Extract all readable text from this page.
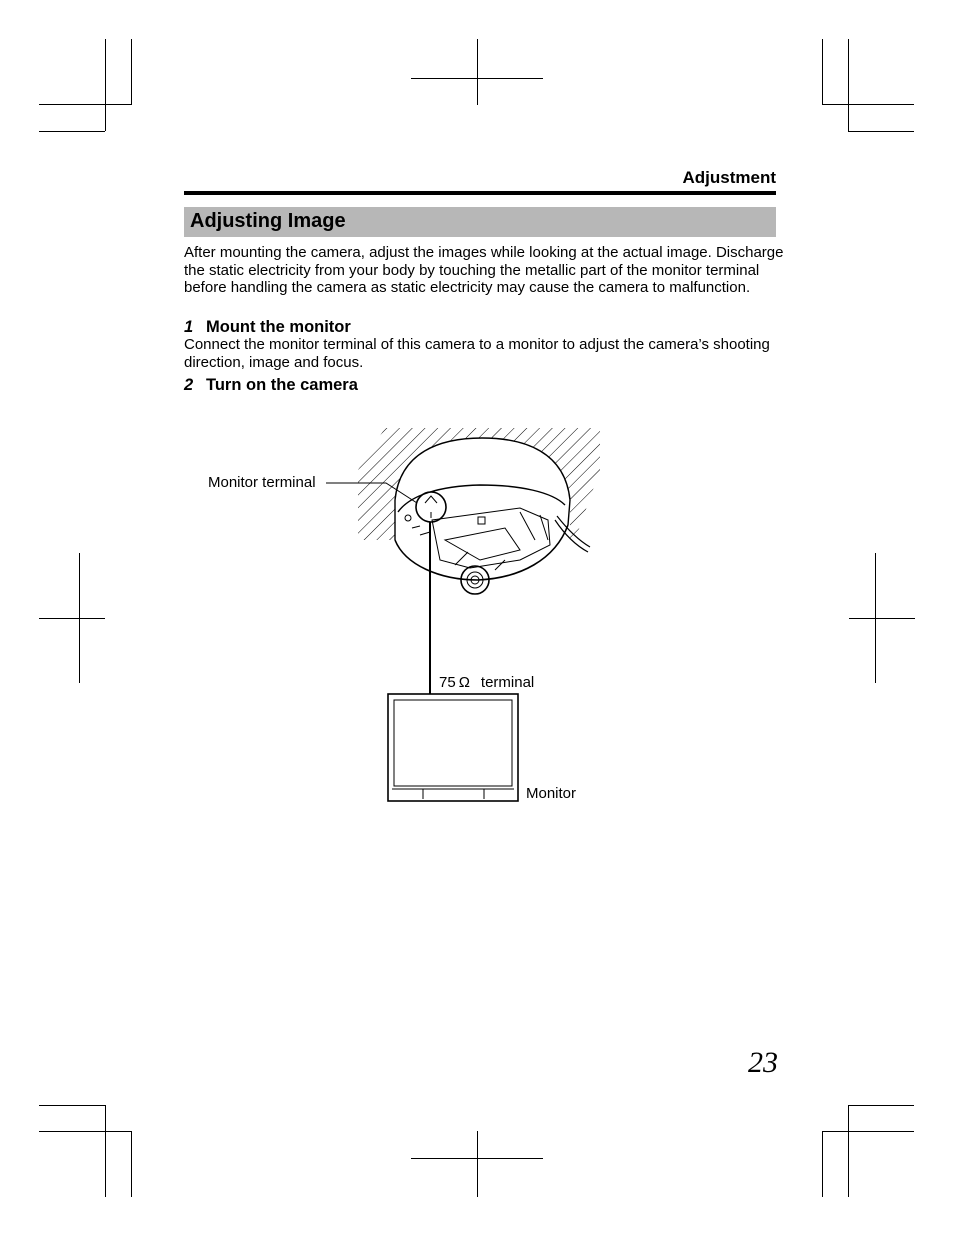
Adjustment
Adjusting Image
After mounting the camera, adjust the images while looking at the actual image. Discharge the static electricity from your body by touching the metallic part of the monitor terminal before handling the camera as static electricity may cause the camera to malfunction.
1 Mount the monitor
Connect the monitor terminal of this camera to a monitor to adjust the camera’s shooting direction, image and focus.
2 Turn on the camera
Monitor terminal
75 Ω terminal
Monitor
23
